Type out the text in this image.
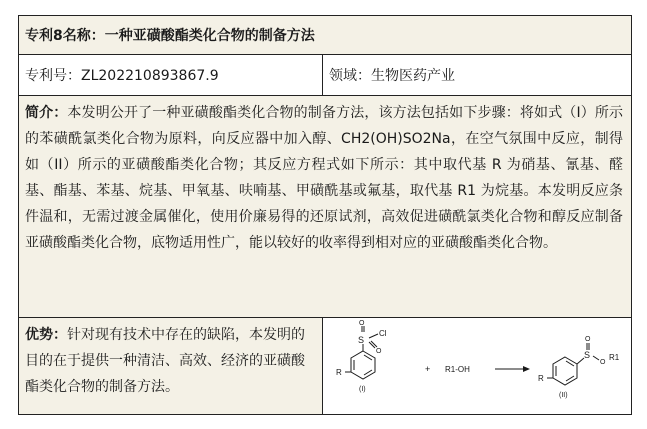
专利8名称：一种亚磺酸酯类化合物的制备方法
专利号：ZL202210893867.9	领域：生物医药产业
简介：本发明公开了一种亚磺酸酯类化合物的制备方法，该方法包括如下步骤：将如式（I）所示的苯磺酰氯类化合物为原料，向反应器中加入醇、CH2(OH)SO2Na，在空气氛围中反应，制得如（II）所示的亚磺酸酯类化合物；其反应方程式如下所示：其中取代基 R 为硝基、氰基、醛基、酯基、苯基、烷基、甲氧基、呋喃基、甲磺酰基或氟基，取代基 R1 为烷基。本发明反应条件温和，无需过渡金属催化，使用价廉易得的还原试剂，高效促进磺酰氯类化合物和醇反应制备亚磺酸酯类化合物，底物适用性广，能以较好的收率得到相对应的亚磺酸酯类化合物。
优势：针对现有技术中存在的缺陷，本发明的目的在于提供一种清洁、高效、经济的亚磺酸酯类化合物的制备方法。
S
O
O
Cl
R
(I)
+ R1-OH
S
O
O
R1
R
(II)
